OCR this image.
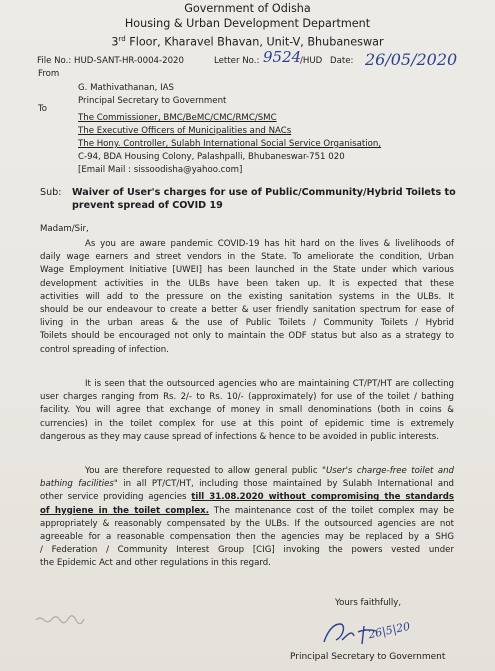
Government of Odisha
Housing & Urban Development Department
3rd Floor, Kharavel Bhavan, Unit-V, Bhubaneswar
File No.: HUD-SANT-HR-0004-2020	Letter No.: 9524
/HUD Date: 26/05/2020
From
G. Mathivathanan, IAS
Principal Secretary to Government
To
The Commissioner, BMC/BeMC/CMC/RMC/SMC
The Executive Officers of Municipalities and NACs
The Hony. Controller, Sulabh International Social Service Organisation,
C-94, BDA Housing Colony, Palashpalli, Bhubaneswar-751 020
[Email Mail : sissoodisha@yahoo.com]
Sub: Waiver of User's charges for use of Public/Community/Hybrid Toilets to
prevent spread of COVID 19
Madam/Sir,
As you are aware pandemic COVID-19 has hit hard on the lives & livelihoods of
daily wage earners and street vendors in the State. To ameliorate the condition, Urban
Wage Employment Initiative [UWEI] has been launched in the State under which various
development activities in the ULBs have been taken up. It is expected that these
activities will add to the pressure on the existing sanitation systems in the ULBs. It
should be our endeavour to create a better & user friendly sanitation spectrum for ease of
living in the urban areas & the use of Public Toilets / Community Toilets / Hybrid
Toilets should be encouraged not only to maintain the ODF status but also as a strategy to
control spreading of infection.
It is seen that the outsourced agencies who are maintaining CT/PT/HT are collecting
user charges ranging from Rs. 2/- to Rs. 10/- (approximately) for use of the toilet / bathing
facility. You will agree that exchange of money in small denominations (both in coins &
currencies) in the toilet complex for use at this point of epidemic time is extremely
dangerous as they may cause spread of infections & hence to be avoided in public interests.
You are therefore requested to allow general public "User's charge-free toilet and
bathing facilities" in all PT/CT/HT, including those maintained by Sulabh International and
other service providing agencies till 31.08.2020 without compromising the standards
of hygiene in the toilet complex. The maintenance cost of the toilet complex may be
appropriately & reasonably compensated by the ULBs. If the outsourced agencies are not
agreeable for a reasonable compensation then the agencies may be replaced by a SHG
/ Federation / Community Interest Group [CIG] invoking the powers vested under
the Epidemic Act and other regulations in this regard.
Yours faithfully,
26|5|20
Principal Secretary to Government
